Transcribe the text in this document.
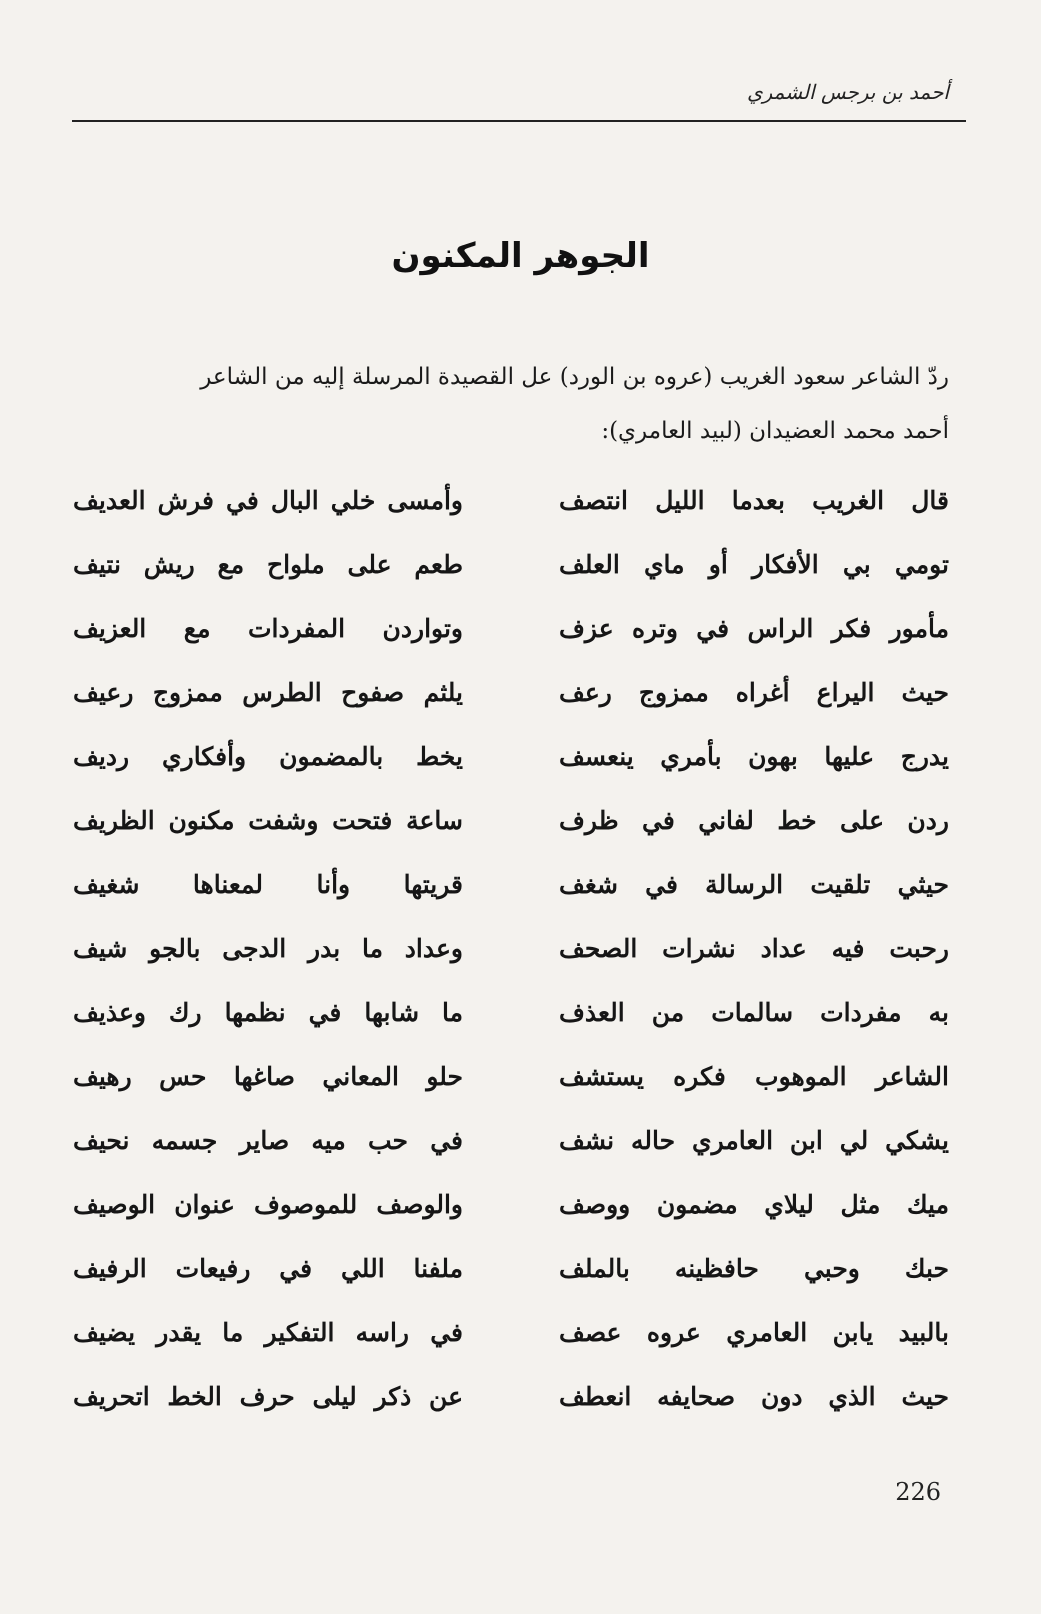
أحمد بن برجس الشمري
الجوهر المكنون

ردّ الشاعر سعود الغريب (عروه بن الورد) عل القصيدة المرسلة إليه من الشاعر

أحمد محمد العضيدان (لبيد العامري):

قال الغريب بعدما الليل انتصف
وأمسى خلي البال في فرش العديف
تومي بي الأفكار أو ماي العلف
طعم على ملواح مع ريش نتيف
مأمور فكر الراس في وتره عزف
وتواردن المفردات مع العزيف
حيث اليراع أغراه ممزوج رعف
يلثم صفوح الطرس ممزوج رعيف
يدرج عليها بهون بأمري ينعسف
يخط بالمضمون وأفكاري رديف
ردن على خط لفاني في ظرف
ساعة فتحت وشفت مكنون الظريف
حيثي تلقيت الرسالة في شغف
قريتها وأنا لمعناها شغيف
رحبت فيه عداد نشرات الصحف
وعداد ما بدر الدجى بالجو شيف
به مفردات سالمات من العذف
ما شابها في نظمها رك وعذيف
الشاعر الموهوب فكره يستشف
حلو المعاني صاغها حس رهيف
يشكي لي ابن العامري حاله نشف
في حب ميه صاير جسمه نحيف
ميك مثل ليلاي مضمون ووصف
والوصف للموصوف عنوان الوصيف
حبك وحبي حافظينه بالملف
ملفنا اللي في رفيعات الرفيف
بالبيد يابن العامري عروه عصف
في راسه التفكير ما يقدر يضيف
حيث الذي دون صحايفه انعطف
عن ذكر ليلى حرف الخط اتحريف
226
